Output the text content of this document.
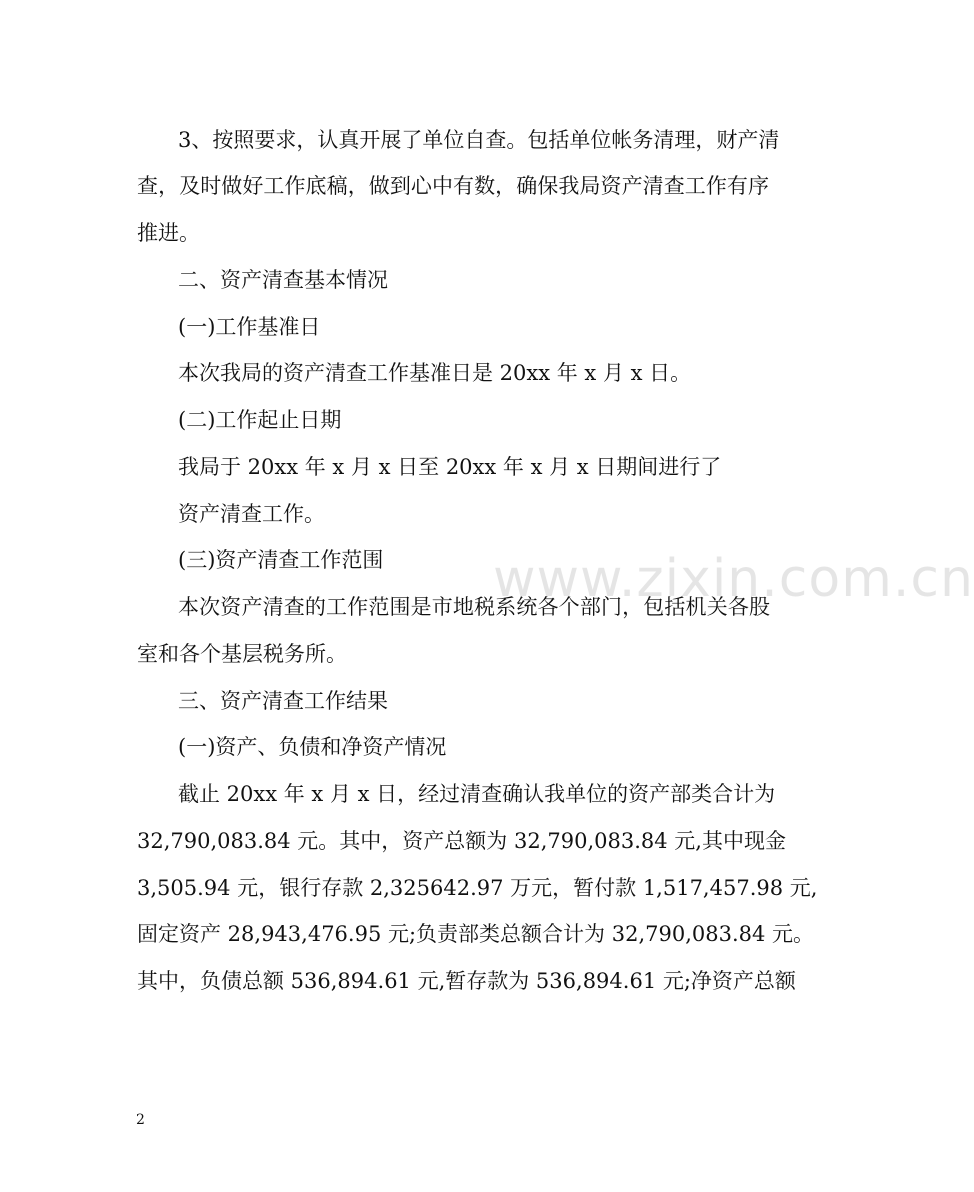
3、按照要求，认真开展了单位自查。包括单位帐务清理，财产清
查，及时做好工作底稿，做到心中有数，确保我局资产清查工作有序
推进。
二、资产清查基本情况
(一)工作基准日
本次我局的资产清查工作基准日是 20xx 年 x 月 x 日。
(二)工作起止日期
我局于 20xx 年 x 月 x 日至 20xx 年 x 月 x 日期间进行了
资产清查工作。
(三)资产清查工作范围
本次资产清查的工作范围是市地税系统各个部门，包括机关各股
室和各个基层税务所。
三、资产清查工作结果
(一)资产、负债和净资产情况
截止 20xx 年 x 月 x 日，经过清查确认我单位的资产部类合计为
32,790,083.84 元。其中，资产总额为 32,790,083.84 元,其中现金
3,505.94 元，银行存款 2,325642.97 万元，暂付款 1,517,457.98 元,
固定资产 28,943,476.95 元;负责部类总额合计为 32,790,083.84 元。
其中，负债总额 536,894.61 元,暂存款为 536,894.61 元;净资产总额
www.zixin.com.cn
2
